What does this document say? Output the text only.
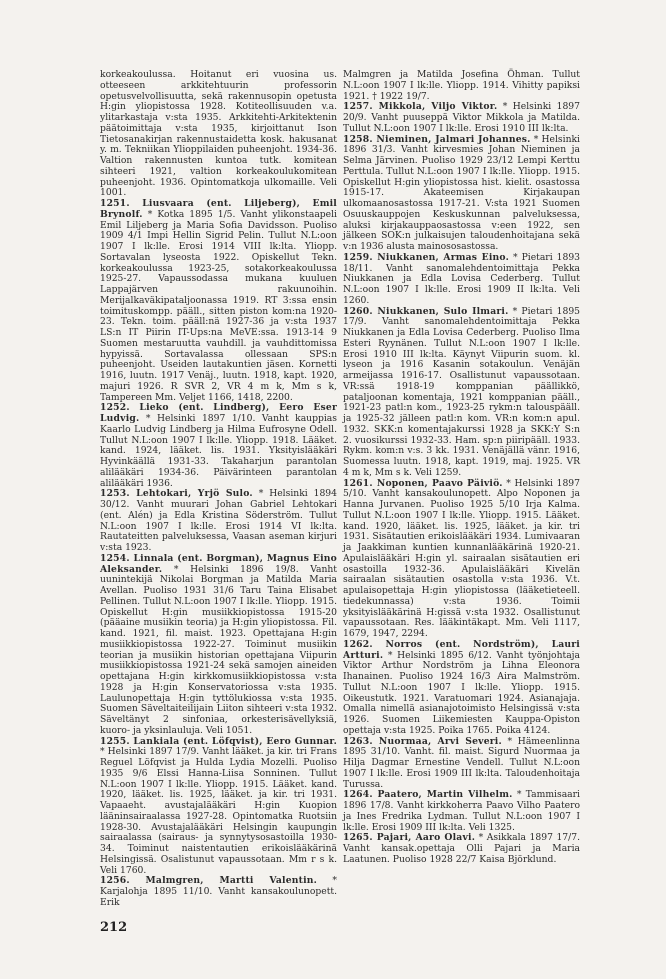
korkeakoulussa. Hoitanut eri vuosina us. otteeseen arkkitehtuurin professorin opetusvelvollisuutta, sekä rakennusopin opetusta H:gin yliopistossa 1928. Kotiteollisuuden v.a. ylitarkastaja v:sta 1935. Arkkitehti-Arkitektenin päätoimittaja v:sta 1935, kirjoittanut Ison Tietosanakirjan rakennustaidetta kosk. hakusanat y. m. Tekniikan Ylioppilaiden puheenjoht. 1934-36. Valtion rakennusten kuntoa tutk. komitean sihteeri 1921, valtion korkeakoulukomitean puheenjoht. 1936. Opintomatkoja ulkomaille. Veli 1001.
1251. Liusvaara (ent. Liljeberg), Emil Brynolf. * Kotka 1895 1/5. Vanht ylikonstaapeli Emil Liljeberg ja Maria Sofia Davidsson. Puoliso 1909 4/1 Impi Hellin Sigrid Pelin. Tullut N.L:oon 1907 I lk:lle. Erosi 1914 VIII lk:lta. Yliopp. Sortavalan lyseosta 1922. Opiskellut Tekn. korkeakoulussa 1923-25, sotakorkeakoulussa 1925-27. Vapaussodassa mukana kuuluen Lappajärven rakuunoihin. Merijalkaväkipataljoonassa 1919. RT 3:ssa ensin toimituskompp. pääll., sitten piston kom:na 1920-23. Tekn. toim. pääll:nä 1927-36 ja v:sta 1937 LS:n IT Piirin IT-Ups:na MeVE:ssa. 1913-14 9 Suomen mestaruutta vauhdill. ja vauhdittomissa hypyissä. Sortavalassa ollessaan SPS:n puheenjoht. Useiden lautakuntien jäsen. Kornetti 1916, luutn. 1917 Venäj., luutn. 1918, kapt. 1920, majuri 1926. R SVR 2, VR 4 m k, Mm s k, Tampereen Mm. Veljet 1166, 1418, 2200.
1252. Lieko (ent. Lindberg), Eero Eser Ludvig. * Helsinki 1897 1/10. Vanht kauppias Kaarlo Ludvig Lindberg ja Hilma Eufrosyne Odell. Tullut N.L:oon 1907 I lk:lle. Yliopp. 1918. Lääket. kand. 1924, lääket. lis. 1931. Yksityislääkäri Hyvinkäällä 1931-33. Takaharjun parantolan alilääkäri 1934-36. Päivärinteen parantolan alilääkäri 1936.
1253. Lehtokari, Yrjö Sulo. * Helsinki 1894 30/12. Vanht muurari Johan Gabriel Lehtokari (ent. Alén) ja Edla Kristina Söderström. Tullut N.L:oon 1907 I lk:lle. Erosi 1914 VI lk:lta. Rautateitten palveluksessa, Vaasan aseman kirjuri v:sta 1923.
1254. Linnala (ent. Borgman), Magnus Eino Aleksander. * Helsinki 1896 19/8. Vanht uunintekijä Nikolai Borgman ja Matilda Maria Avellan. Puoliso 1931 31/6 Taru Taina Elisabet Pellinen. Tullut N.L:oon 1907 I lk:lle. Yliopp. 1915. Opiskellut H:gin musiikkiopistossa 1915-20 (pääaine musiikin teoria) ja H:gin yliopistossa. Fil. kand. 1921, fil. maist. 1923. Opettajana H:gin musiikkiopistossa 1922-27. Toiminut musiikin teorian ja musiikin historian opettajana Viipurin musiikkiopistossa 1921-24 sekä samojen aineiden opettajana H:gin kirkkomusiikkiopistossa v:sta 1928 ja H:gin Konservatoriossa v:sta 1935. Laulunopettaja H:gin tyttölukiossa v:sta 1935. Suomen Säveltaiteilijain Liiton sihteeri v:sta 1932. Säveltänyt 2 sinfoniaa, orkesterisävellyksiä, kuoro- ja yksinlauluja. Veli 1051.
1255. Lankiala (ent. Löfqvist), Eero Gunnar. * Helsinki 1897 17/9. Vanht lääket. ja kir. tri Frans Reguel Löfqvist ja Hulda Lydia Mozelli. Puoliso 1935 9/6 Elssi Hanna-Liisa Sonninen. Tullut N.L:oon 1907 I lk:lle. Yliopp. 1915. Lääket. kand. 1920, lääket. lis. 1925, lääket. ja kir. tri 1931. Vapaaeht. avustajalääkäri H:gin Kuopion lääninsairaalassa 1927-28. Opintomatka Ruotsiin 1928-30. Avustajalääkäri Helsingin kaupungin sairaalassa (sairaus- ja synnytysosastoilla 1930-34. Toiminut naistentautien erikoislääkärinä Helsingissä. Osalistunut vapaussotaan. Mm r s k. Veli 1760.
1256. Malmgren, Martti Valentin. * Karjalohja 1895 11/10. Vanht kansakoulunopett. Erik
Malmgren ja Matilda Josefina Öhman. Tullut N.L:oon 1907 I lk:lle. Yliopp. 1914. Vihitty papiksi 1921. † 1922 19/7.
1257. Mikkola, Viljo Viktor. * Helsinki 1897 20/9. Vanht puuseppä Viktor Mikkola ja Matilda. Tullut N.L:oon 1907 I lk:lle. Erosi 1910 III lk:lta.
1258. Nieminen, Jalmari Johannes. * Helsinki 1896 31/3. Vanht kirvesmies Johan Nieminen ja Selma Järvinen. Puoliso 1929 23/12 Lempi Kerttu Perttula. Tullut N.L:oon 1907 I lk:lle. Yliopp. 1915. Opiskellut H:gin yliopistossa hist. kielit. osastossa 1915-17. Akateemisen Kirjakaupan ulkomaanosastossa 1917-21. V:sta 1921 Suomen Osuuskauppojen Keskuskunnan palveluksessa, aluksi kirjakauppaosastossa v:een 1922, sen jälkeen SOK:n julkaisujen taloudenhoitajana sekä v:n 1936 alusta mainososastossa.
1259. Niukkanen, Armas Eino. * Pietari 1893 18/11. Vanht sanomalehdentoimittaja Pekka Niukkanen ja Edla Lovisa Cederberg. Tullut N.L:oon 1907 I lk:lle. Erosi 1909 II lk:lta. Veli 1260.
1260. Niukkanen, Sulo Ilmari. * Pietari 1895 17/9. Vanht sanomalehdentoimittaja Pekka Niukkanen ja Edla Lovisa Cederberg. Puoliso Ilma Esteri Ryynänen. Tullut N.L:oon 1907 I lk:lle. Erosi 1910 III lk:lta. Käynyt Viipurin suom. kl. lyseon ja 1916 Kasanin sotakoulun. Venäjän armeijassa 1916-17. Osallistunut vapaussotaan. VR:ssä 1918-19 komppanian päällikkö, pataljoonan komentaja, 1921 komppanian pääll., 1921-23 patl:n kom., 1923-25 rykm:n talouspääll. ja 1925-32 jälleen patl:n kom. VR:n kom:n apul. 1932. SKK:n komentajakurssi 1928 ja SKK:Y S:n 2. vuosikurssi 1932-33. Ham. sp:n piiripääll. 1933. Rykm. kom:n v:s. 3 kk. 1931. Venäjällä vänr. 1916, Suomessa luutn. 1918, kapt. 1919, maj. 1925. VR 4 m k, Mm s k. Veli 1259.
1261. Noponen, Paavo Päiviö. * Helsinki 1897 5/10. Vanht kansakoulunopett. Alpo Noponen ja Hanna Jurvanen. Puoliso 1925 5/10 Irja Kalma. Tullut N.L:oon 1907 I lk:lle. Yliopp. 1915. Lääket. kand. 1920, lääket. lis. 1925, lääket. ja kir. tri 1931. Sisätautien erikoislääkäri 1934. Lumivaaran ja Jaakkiman kuntien kunnanlääkärinä 1920-21. Apulaislääkäri H:gin yl. sairaalan sisätautien eri osastoilla 1932-36. Apulaislääkäri Kivelän sairaalan sisätautien osastolla v:sta 1936. V.t. apulaisopettaja H:gin yliopistossa (lääketieteell. tiedekunnassa) v:sta 1936. Toimii yksityislääkärinä H:gissä v:sta 1932. Osallistunut vapaussotaan. Res. lääkintäkapt. Mm. Veli 1117, 1679, 1947, 2294.
1262. Norros (ent. Nordström), Lauri Artturi. * Helsinki 1895 6/12. Vanht työnjohtaja Viktor Arthur Nordström ja Lihna Eleonora Ihanainen. Puoliso 1924 16/3 Aira Malmström. Tullut N.L:oon 1907 I lk:lle. Yliopp. 1915. Oikeustutk. 1921. Varatuomari 1924. Asianajaja. Omalla nimellä asianajotoimisto Helsingissä v:sta 1926. Suomen Liikemiesten Kauppa-Opiston opettaja v:sta 1925. Poika 1765. Poika 4124.
1263. Nuormaa, Arvi Severi. * Hämeenlinna 1895 31/10. Vanht. fil. maist. Sigurd Nuormaa ja Hilja Dagmar Ernestine Vendell. Tullut N.L:oon 1907 I lk:lle. Erosi 1909 III lk:lta. Taloudenhoitaja Turussa.
1264. Paatero, Martin Vilhelm. * Tammisaari 1896 17/8. Vanht kirkkoherra Paavo Vilho Paatero ja Ines Fredrika Lydman. Tullut N.L:oon 1907 I lk:lle. Erosi 1909 III lk:lta. Veli 1325.
1265. Pajari, Aaro Olavi. * Asikkala 1897 17/7. Vanht kansak.opettaja Olli Pajari ja Maria Laatunen. Puoliso 1928 22/7 Kaisa Björklund.
212
